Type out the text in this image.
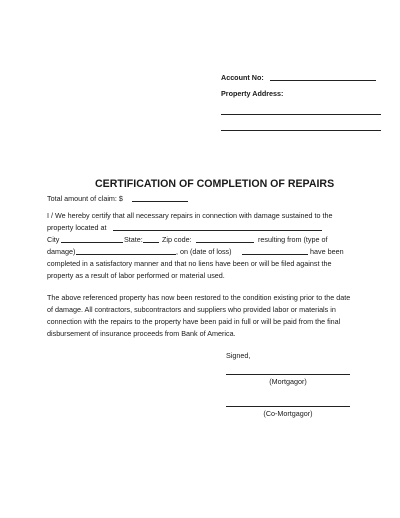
Account No:
Property Address:
CERTIFICATION OF COMPLETION OF REPAIRS
Total amount of claim: $
I / We hereby certify that all necessary repairs in connection with damage sustained to the
property located at
City	State:	Zip code:	resulting from (type of
damage)	, on (date of loss)	have been
completed in a satisfactory manner and that no liens have been or will be filed against the
property as a result of labor performed or material used.
The above referenced property has now been restored to the condition existing prior to the date
of damage. All contractors, subcontractors and suppliers who provided labor or materials in
connection with the repairs to the property have been paid in full or will be paid from the final
disbursement of insurance proceeds from Bank of America.
Signed,
(Mortgagor)
(Co-Mortgagor)
